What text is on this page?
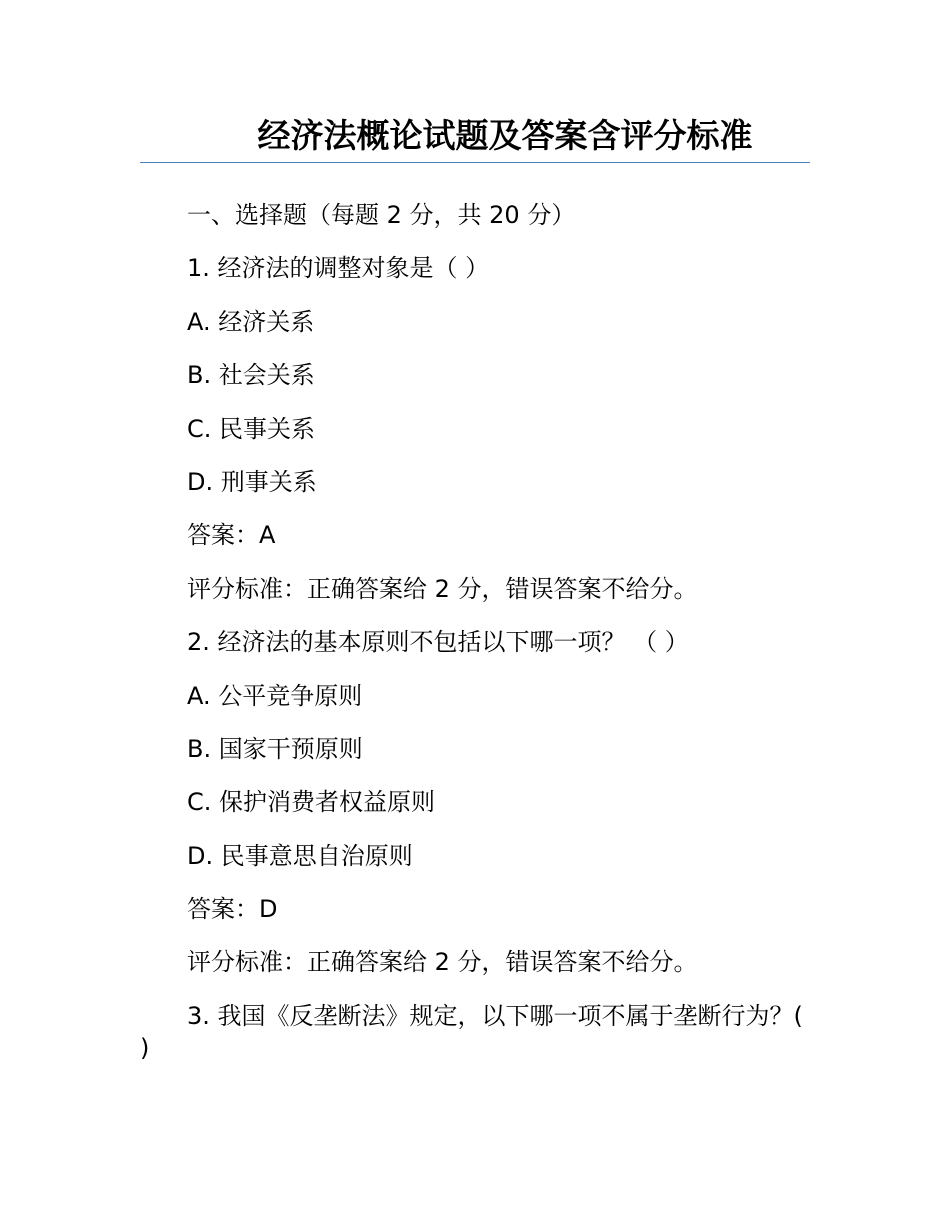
经济法概论试题及答案含评分标准
一、选择题（每题 2 分，共 20 分）
1. 经济法的调整对象是（ ）
A. 经济关系
B. 社会关系
C. 民事关系
D. 刑事关系
答案：A
评分标准：正确答案给 2 分，错误答案不给分。
2. 经济法的基本原则不包括以下哪一项？ （ ）
A. 公平竞争原则
B. 国家干预原则
C. 保护消费者权益原则
D. 民事意思自治原则
答案：D
评分标准：正确答案给 2 分，错误答案不给分。
3. 我国《反垄断法》规定，以下哪一项不属于垄断行为？( )
